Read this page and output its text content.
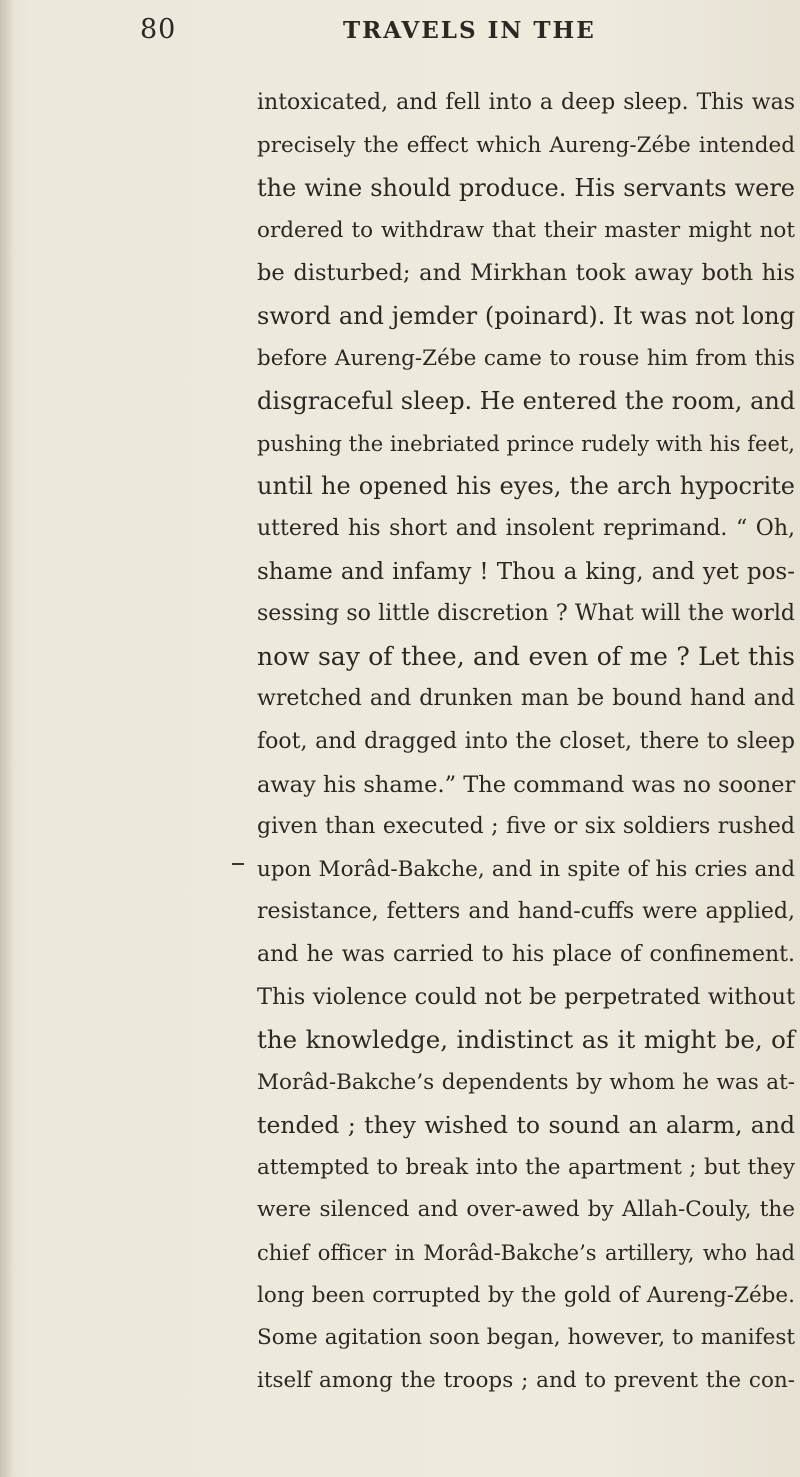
80	TRAVELS IN THE
intoxicated, and fell into a deep sleep. This was
precisely the effect which Aureng-Zébe intended
the wine should produce. His servants were
ordered to withdraw that their master might not
be disturbed; and Mirkhan took away both his
sword and jemder (poinard). It was not long
before Aureng-Zébe came to rouse him from this
disgraceful sleep. He entered the room, and
pushing the inebriated prince rudely with his feet,
until he opened his eyes, the arch hypocrite
uttered his short and insolent reprimand. “ Oh,
shame and infamy ! Thou a king, and yet pos-
sessing so little discretion ? What will the world
now say of thee, and even of me ? Let this
wretched and drunken man be bound hand and
foot, and dragged into the closet, there to sleep
away his shame.” The command was no sooner
given than executed ; five or six soldiers rushed
upon Morâd-Bakche, and in spite of his cries and
resistance, fetters and hand-cuffs were applied,
and he was carried to his place of confinement.
This violence could not be perpetrated without
the knowledge, indistinct as it might be, of
Morâd-Bakche’s dependents by whom he was at-
tended ; they wished to sound an alarm, and
attempted to break into the apartment ; but they
were silenced and over-awed by Allah-Couly, the
chief officer in Morâd-Bakche’s artillery, who had
long been corrupted by the gold of Aureng-Zébe.
Some agitation soon began, however, to manifest
itself among the troops ; and to prevent the con-
